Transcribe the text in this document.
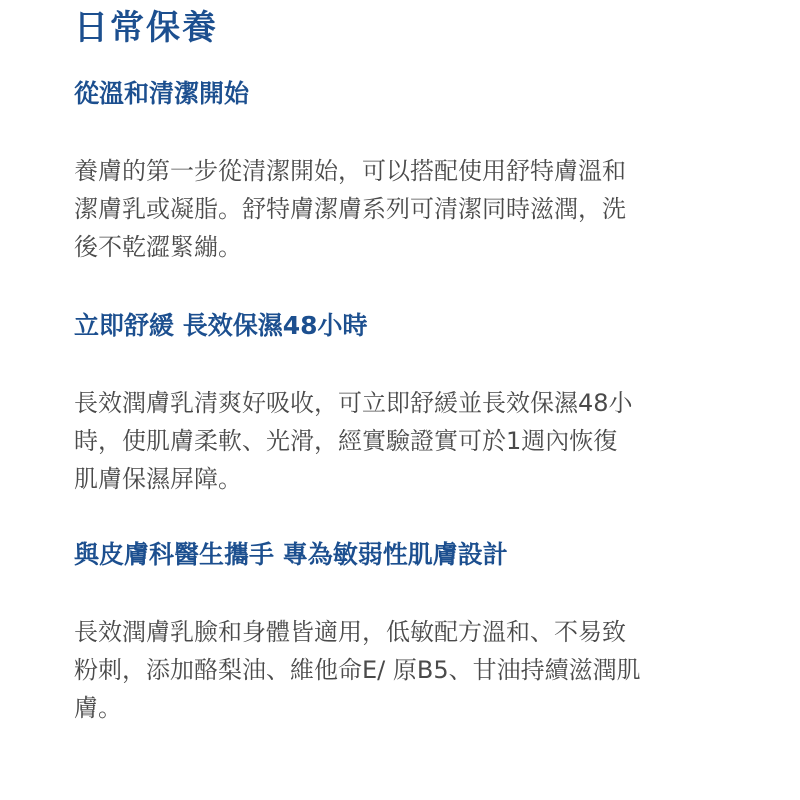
日常保養
從溫和清潔開始
養膚的第一步從清潔開始，可以搭配使用舒特膚溫和
潔膚乳或凝脂。舒特膚潔膚系列可清潔同時滋潤，洗
後不乾澀緊繃。
立即舒緩 長效保濕48小時
長效潤膚乳清爽好吸收，可立即舒緩並長效保濕48小
時，使肌膚柔軟、光滑，經實驗證實可於1週內恢復
肌膚保濕屏障。
與皮膚科醫生攜手 專為敏弱性肌膚設計
長效潤膚乳臉和身體皆適用，低敏配方溫和、不易致
粉刺，添加酪梨油、維他命E/ 原B5、甘油持續滋潤肌
膚。
